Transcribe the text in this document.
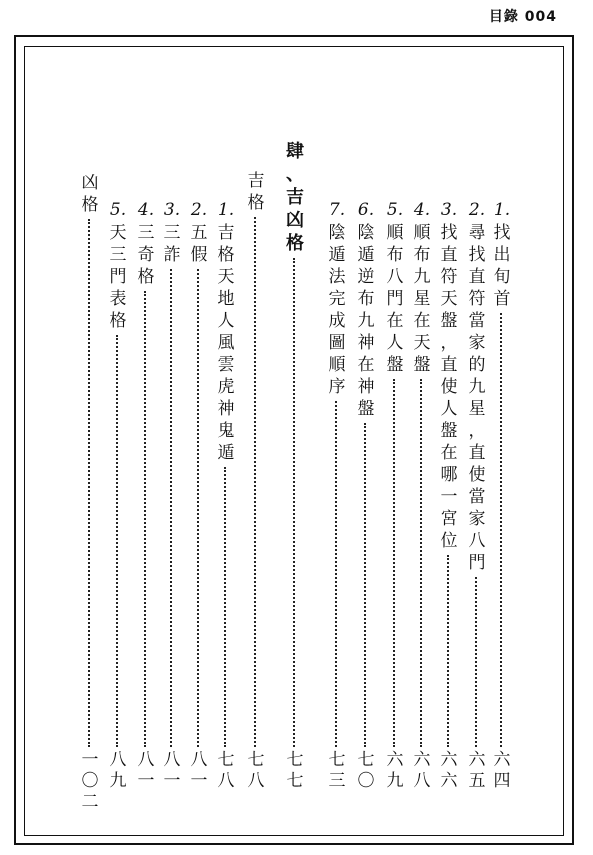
目錄 004
1.
找
出
旬
首
六
四
2.
尋
找
直
符
當
家
的
九
星
，
直
使
當
家
八
門
六
五
3.
找
直
符
天
盤
，
直
使
人
盤
在
哪
一
宮
位
六
六
4.
順
布
九
星
在
天
盤
六
八
5.
順
布
八
門
在
人
盤
六
九
6.
陰
遁
逆
布
九
神
在
神
盤
七
〇
7.
陰
遁
法
完
成
圖
順
序
七
三
肆
、
吉
凶
格
七
七
吉
格
七
八
1.
吉
格
天
地
人
風
雲
虎
神
鬼
遁
七
八
2.
五
假
八
一
3.
三
詐
八
一
4.
三
奇
格
八
一
5.
天
三
門
表
格
八
九
凶
格
一
〇
二
